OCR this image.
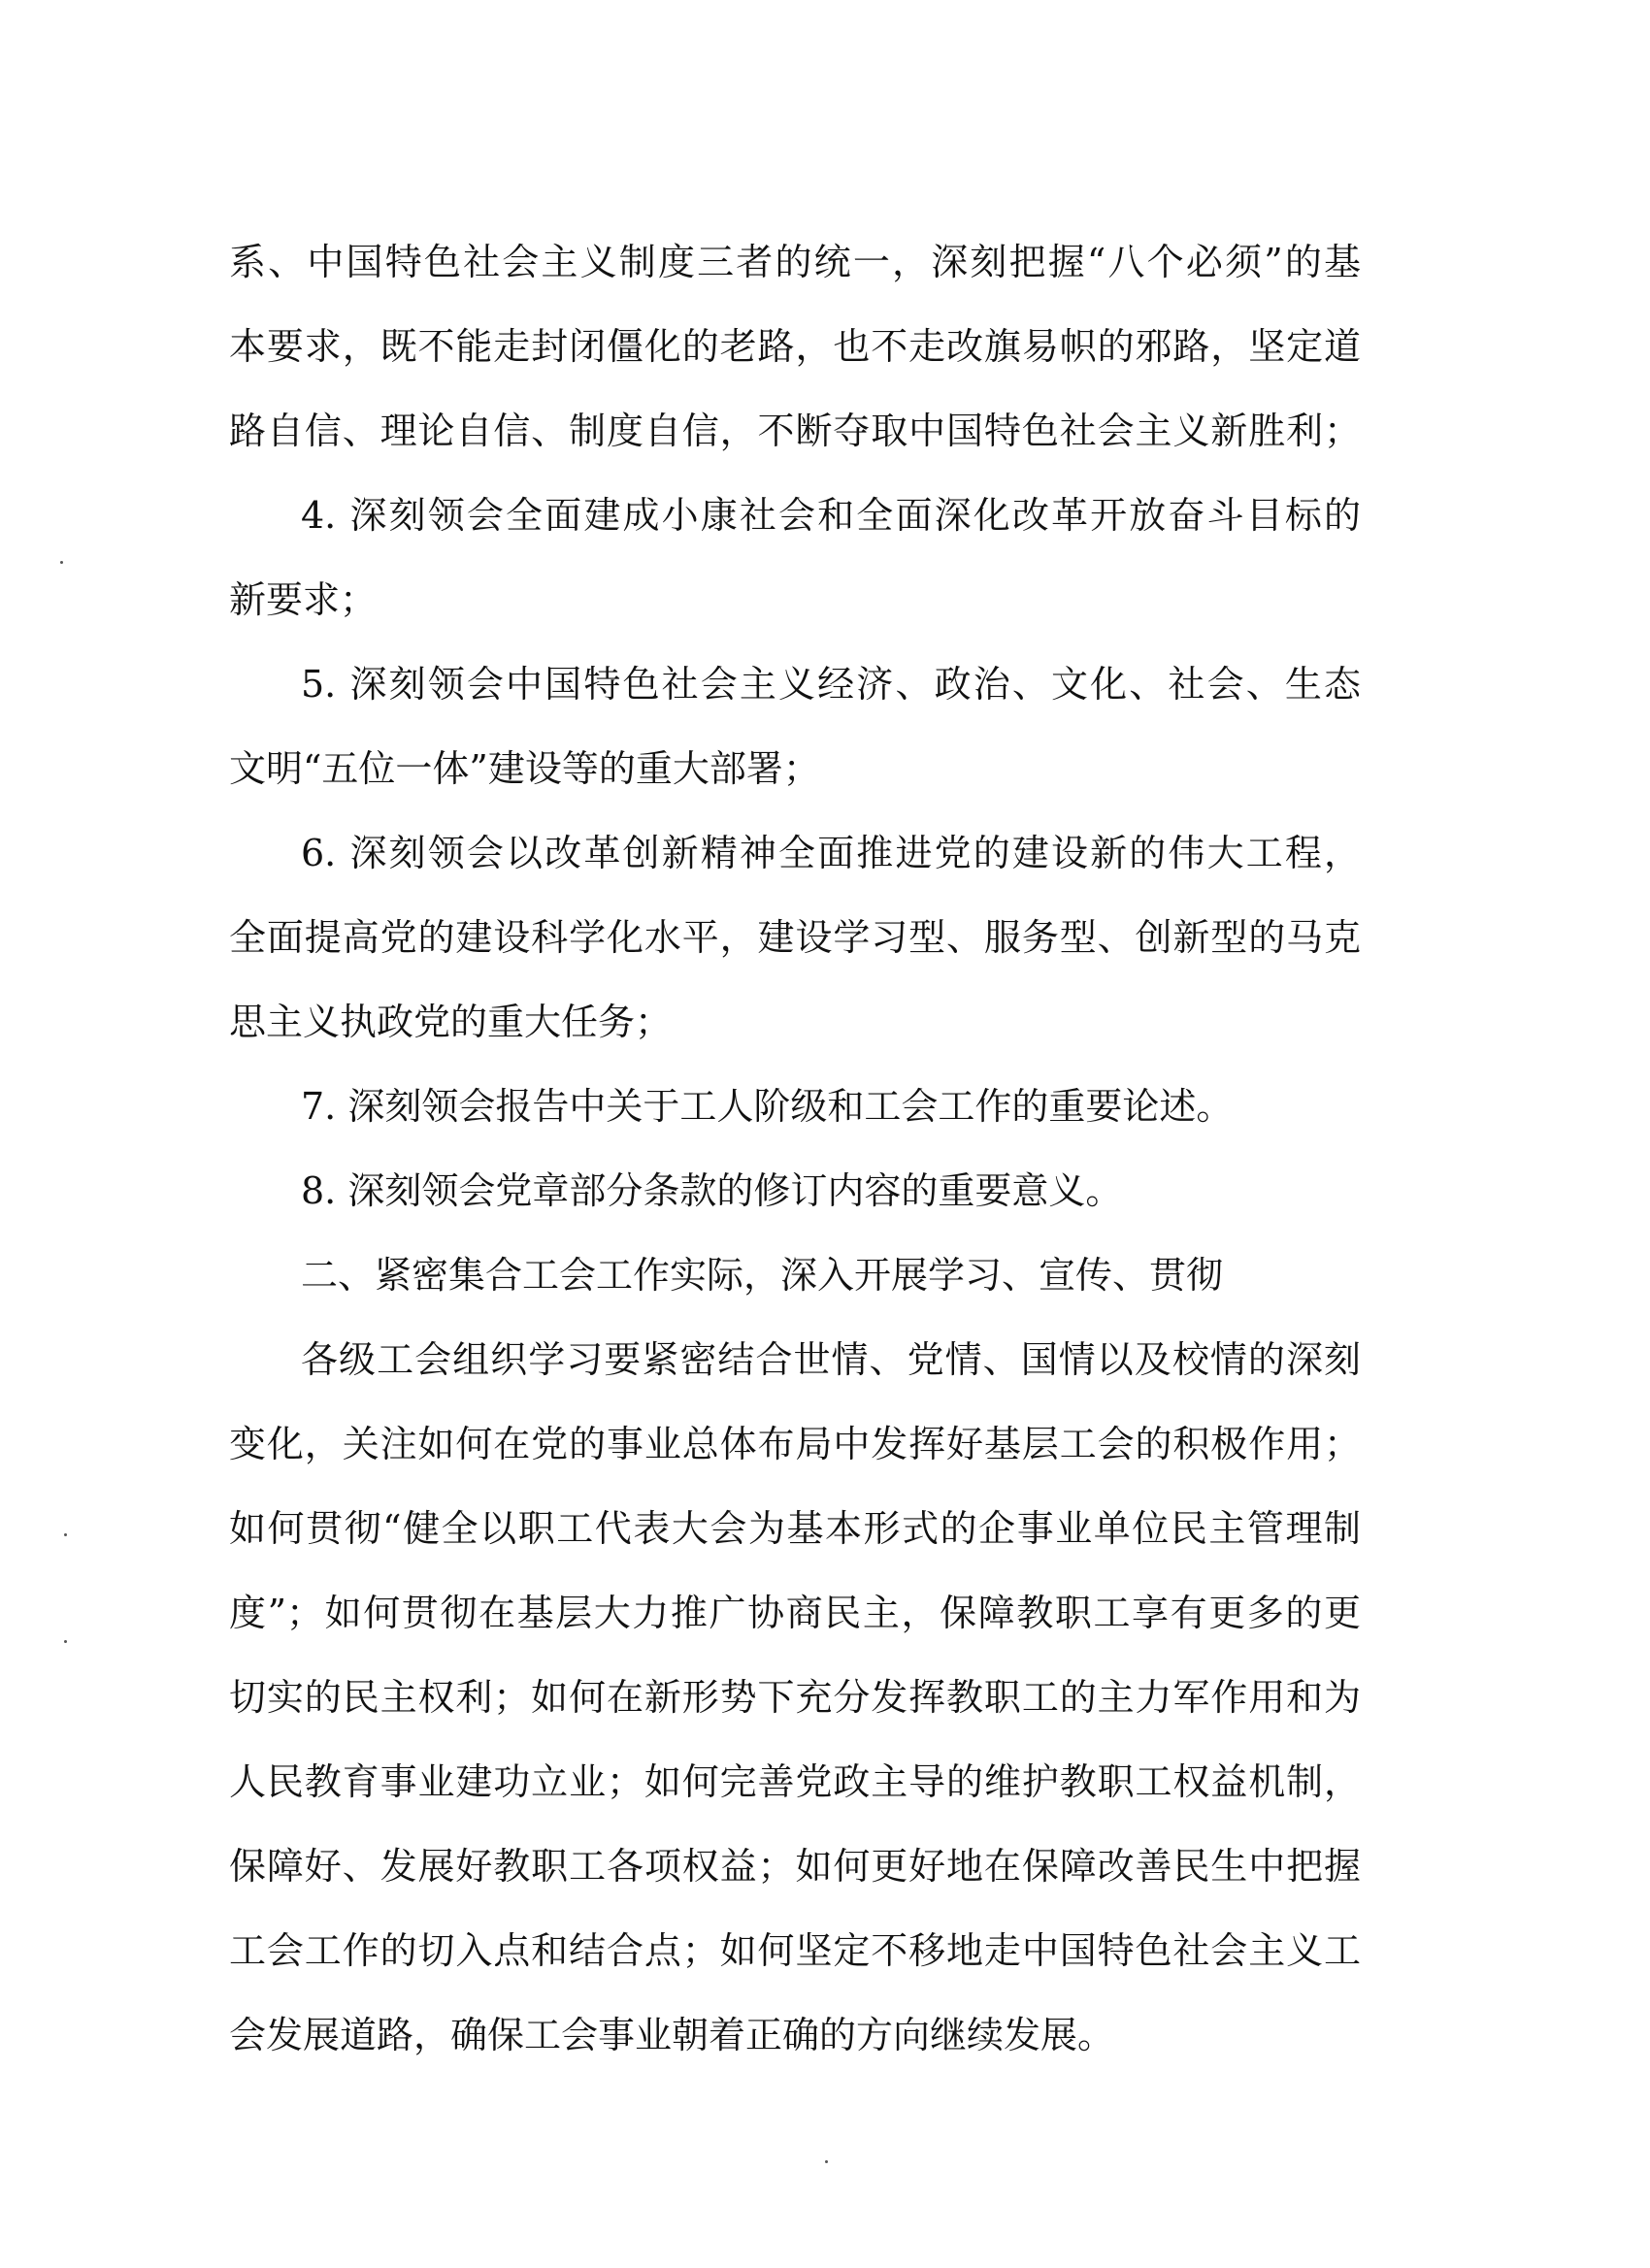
系、中国特色社会主义制度三者的统一，深刻把握“八个必须”的基
本要求，既不能走封闭僵化的老路，也不走改旗易帜的邪路，坚定道
路自信、理论自信、制度自信，不断夺取中国特色社会主义新胜利；
4. 深刻领会全面建成小康社会和全面深化改革开放奋斗目标的
新要求；
5. 深刻领会中国特色社会主义经济、政治、文化、社会、生态
文明“五位一体”建设等的重大部署；
6. 深刻领会以改革创新精神全面推进党的建设新的伟大工程，
全面提高党的建设科学化水平，建设学习型、服务型、创新型的马克
思主义执政党的重大任务；
7. 深刻领会报告中关于工人阶级和工会工作的重要论述。
8. 深刻领会党章部分条款的修订内容的重要意义。
二、紧密集合工会工作实际，深入开展学习、宣传、贯彻
各级工会组织学习要紧密结合世情、党情、国情以及校情的深刻
变化，关注如何在党的事业总体布局中发挥好基层工会的积极作用；
如何贯彻“健全以职工代表大会为基本形式的企事业单位民主管理制
度”；如何贯彻在基层大力推广协商民主，保障教职工享有更多的更
切实的民主权利；如何在新形势下充分发挥教职工的主力军作用和为
人民教育事业建功立业；如何完善党政主导的维护教职工权益机制，
保障好、发展好教职工各项权益；如何更好地在保障改善民生中把握
工会工作的切入点和结合点；如何坚定不移地走中国特色社会主义工
会发展道路，确保工会事业朝着正确的方向继续发展。
